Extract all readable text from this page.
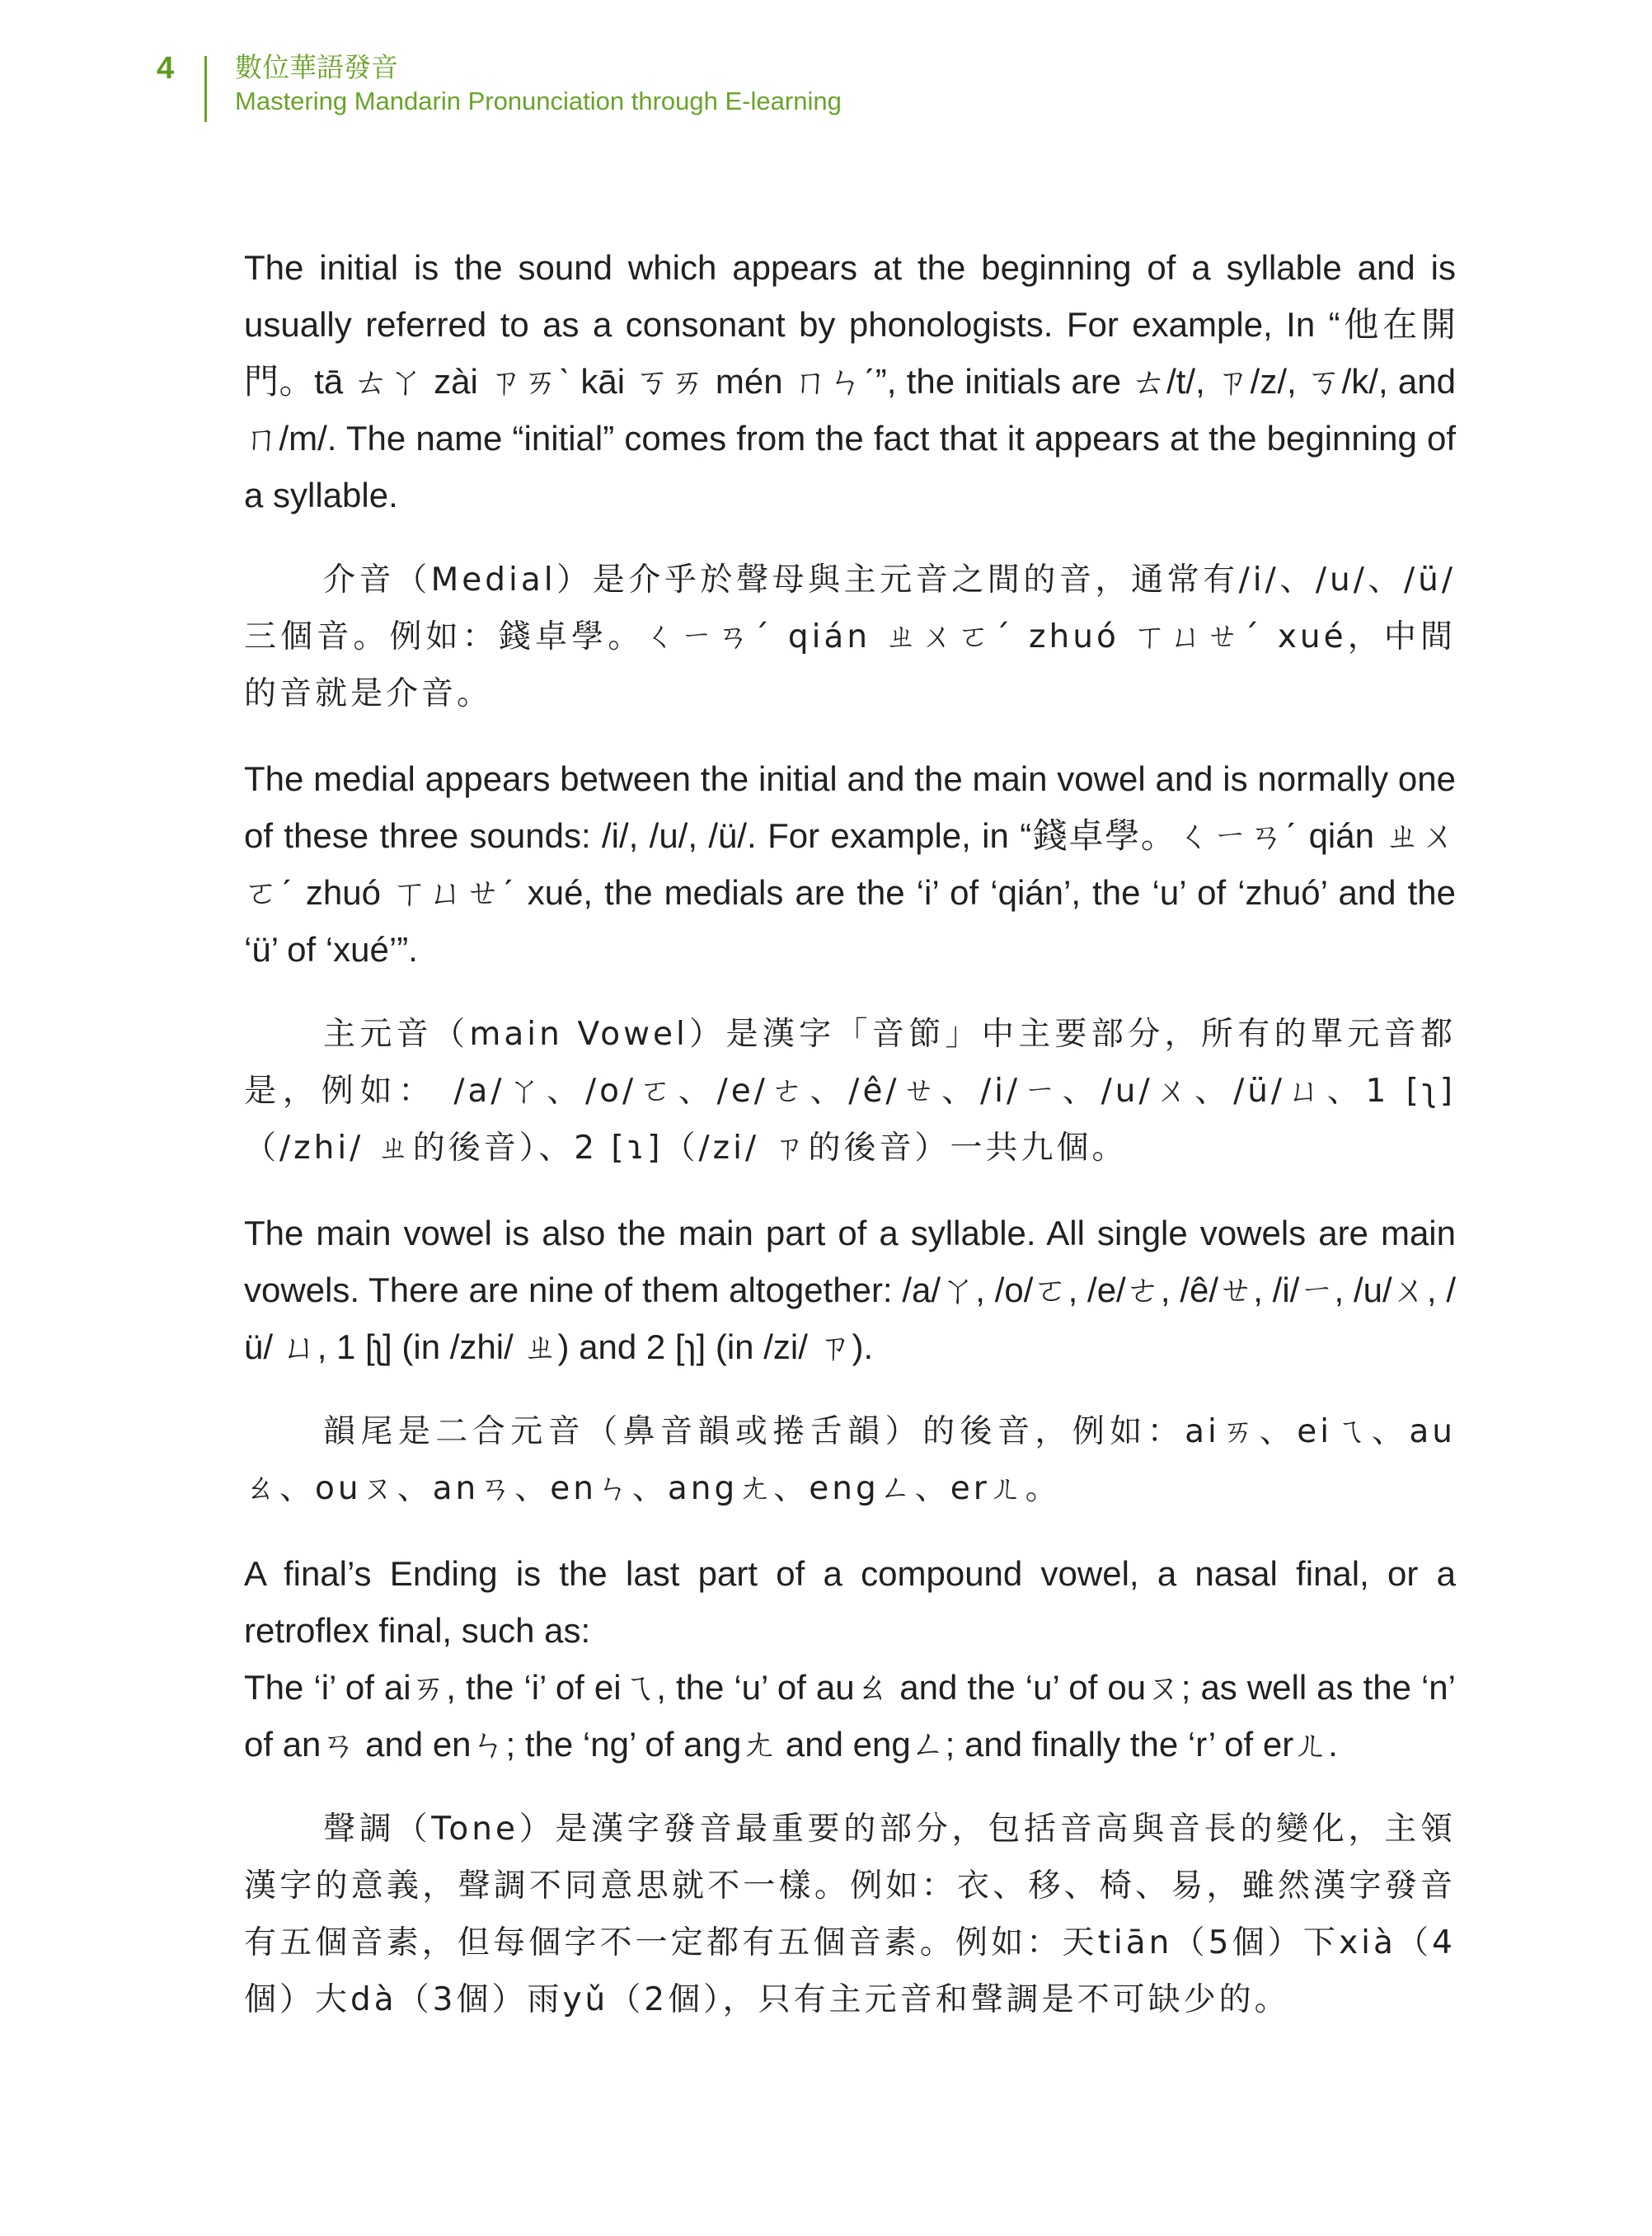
4 數位華語發音
Mastering Mandarin Pronunciation through E-learning

The initial is the sound which appears at the beginning of a syllable and is usually referred to as a consonant by phonologists. For example, In “他在開門。tā ㄊㄚ zài ㄗㄞˋ kāi ㄎㄞ mén ㄇㄣˊ”, the initials are ㄊ/t/, ㄗ/z/, ㄎ/k/, and ㄇ/m/. The name “initial” comes from the fact that it appears at the beginning of a syllable.

介音（Medial）是介乎於聲母與主元音之間的音，通常有/i/、/u/、/ü/三個音。例如：錢卓學。ㄑㄧㄢˊ qián ㄓㄨㄛˊ zhuó ㄒㄩㄝˊ xué，中間的音就是介音。

The medial appears between the initial and the main vowel and is normally one of these three sounds: /i/, /u/, /ü/. For example, in “錢卓學。ㄑㄧㄢˊ qián ㄓㄨㄛˊ zhuó ㄒㄩㄝˊ xué, the medials are the ‘i’ of ‘qián’, the ‘u’ of ‘zhuó’ and the ‘ü’ of ‘xué’”.

主元音（main Vowel）是漢字「音節」中主要部分，所有的單元音都是，例如： /a/ㄚ、/o/ㄛ、/e/ㄜ、/ê/ㄝ、/i/ㄧ、/u/ㄨ、/ü/ㄩ、1 [ʅ]（/zhi/ ㄓ的後音）、2 [ɿ]（/zi/ ㄗ的後音）一共九個。

The main vowel is also the main part of a syllable. All single vowels are main vowels. There are nine of them altogether: /a/ㄚ, /o/ㄛ, /e/ㄜ, /ê/ㄝ, /i/ㄧ, /u/ㄨ, /ü/ ㄩ, 1 [ʅ] (in /zhi/ ㄓ) and 2 [ɿ] (in /zi/ ㄗ).

韻尾是二合元音（鼻音韻或捲舌韻）的後音，例如：aiㄞ、eiㄟ、auㄠ、ouㄡ、anㄢ、enㄣ、angㄤ、engㄥ、erㄦ。

A final’s Ending is the last part of a compound vowel, a nasal final, or a retroflex final, such as:
The ‘i’ of aiㄞ, the ‘i’ of eiㄟ, the ‘u’ of auㄠ and the ‘u’ of ouㄡ; as well as the ‘n’ of anㄢ and enㄣ; the ‘ng’ of angㄤ and engㄥ; and finally the ‘r’ of erㄦ.

聲調（Tone）是漢字發音最重要的部分，包括音高與音長的變化，主領漢字的意義，聲調不同意思就不一樣。例如：衣、移、椅、易，雖然漢字發音有五個音素，但每個字不一定都有五個音素。例如：天tiān（5個）下xià（4個）大dà（3個）雨yǔ（2個），只有主元音和聲調是不可缺少的。
